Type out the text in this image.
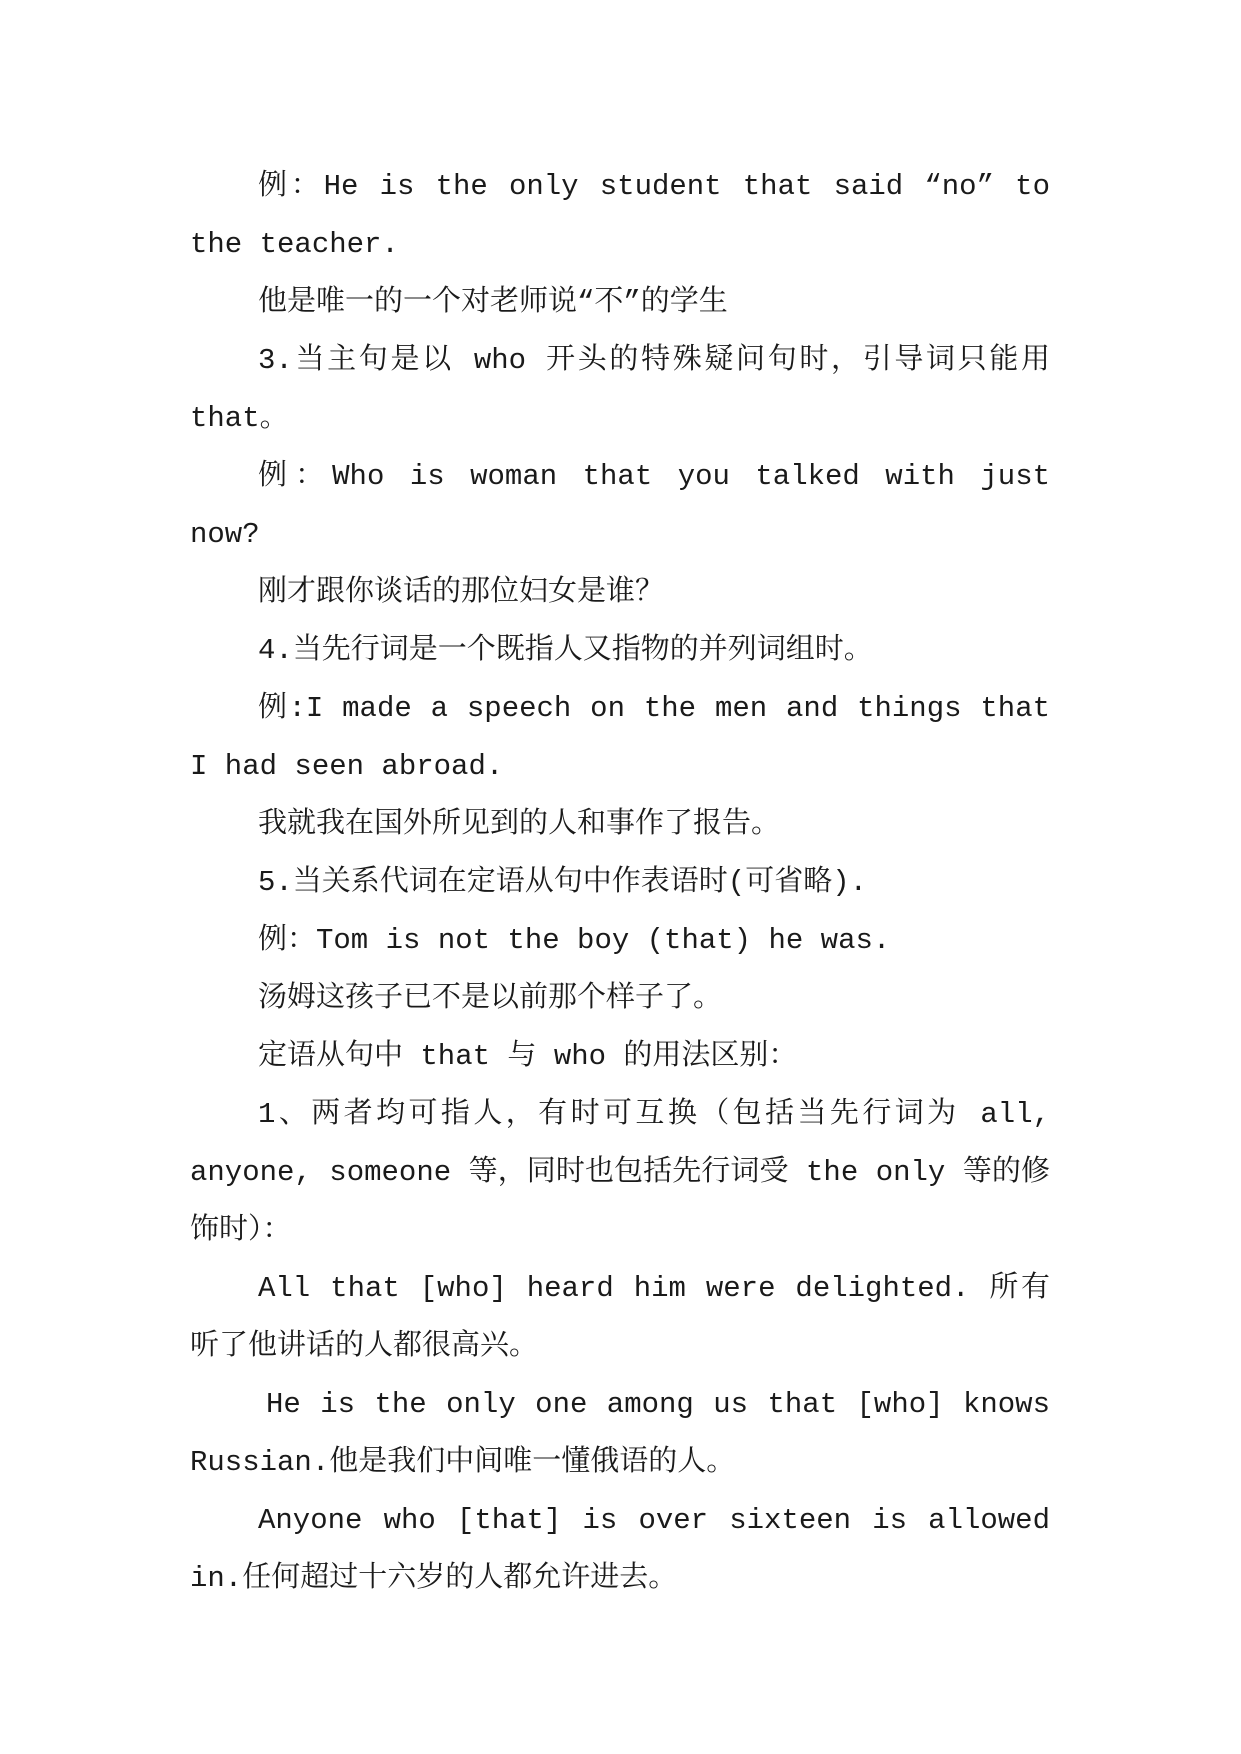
例：He is the only student that said “no” to the teacher.

他是唯一的一个对老师说“不”的学生

3.当主句是以 who 开头的特殊疑问句时，引导词只能用 that。

例：Who is woman that you talked with just now?

刚才跟你谈话的那位妇女是谁？

4.当先行词是一个既指人又指物的并列词组时。

例:I made a speech on the men and things that I had seen abroad.

我就我在国外所见到的人和事作了报告。

5.当关系代词在定语从句中作表语时(可省略).

例：Tom is not the boy (that) he was.

汤姆这孩子已不是以前那个样子了。

定语从句中 that 与 who 的用法区别：

1、两者均可指人，有时可互换（包括当先行词为 all, anyone, someone 等，同时也包括先行词受 the only 等的修饰时）：

All that [who] heard him were delighted. 所有听了他讲话的人都很高兴。

He is the only one among us that [who] knows Russian.他是我们中间唯一懂俄语的人。

Anyone who [that] is over sixteen is allowed in.任何超过十六岁的人都允许进去。
